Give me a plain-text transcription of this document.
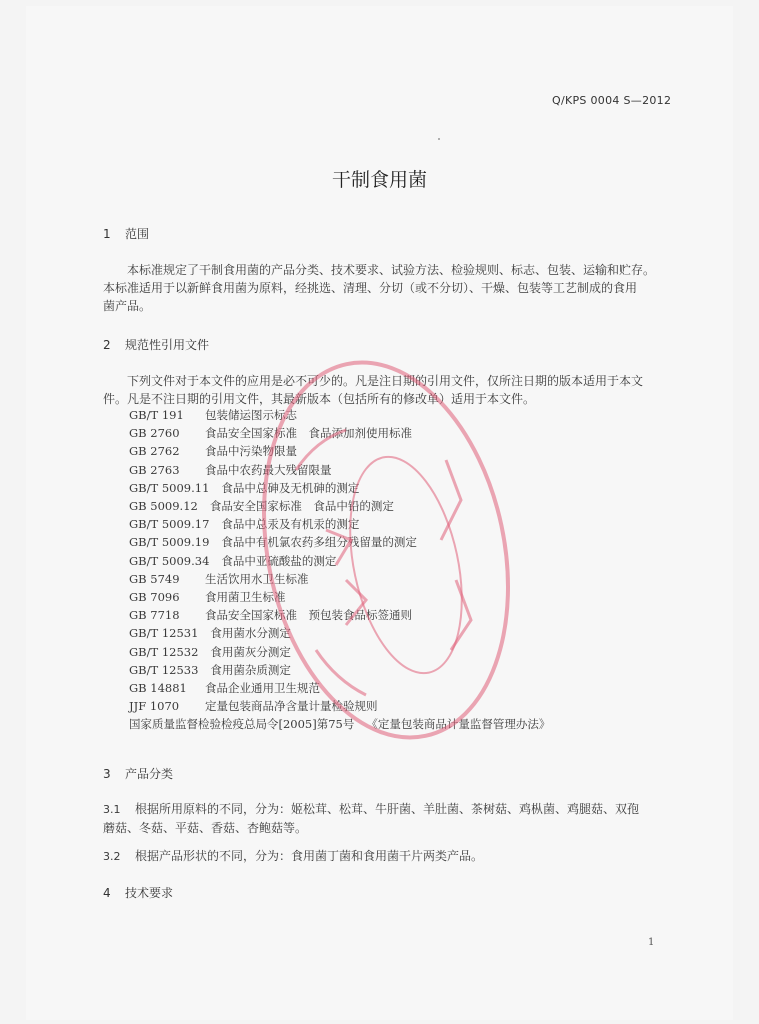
Q/KPS 0004 S—2012
干制食用菌
1 范围
本标准规定了干制食用菌的产品分类、技术要求、试验方法、检验规则、标志、包装、运输和贮存。
本标准适用于以新鲜食用菌为原料，经挑选、清理、分切（或不分切）、干燥、包装等工艺制成的食用
菌产品。
2 规范性引用文件
下列文件对于本文件的应用是必不可少的。凡是注日期的引用文件，仅所注日期的版本适用于本文
件。凡是不注日期的引用文件，其最新版本（包括所有的修改单）适用于本文件。
GB/T 191 包装储运图示标志
GB 2760 食品安全国家标准　食品添加剂使用标准
GB 2762 食品中污染物限量
GB 2763 食品中农药最大残留限量
GB/T 5009.11 食品中总砷及无机砷的测定
GB 5009.12 食品安全国家标准　食品中铅的测定
GB/T 5009.17 食品中总汞及有机汞的测定
GB/T 5009.19 食品中有机氯农药多组分残留量的测定
GB/T 5009.34 食品中亚硫酸盐的测定
GB 5749 生活饮用水卫生标准
GB 7096 食用菌卫生标准
GB 7718 食品安全国家标准　预包装食品标签通则
GB/T 12531 食用菌水分测定
GB/T 12532 食用菌灰分测定
GB/T 12533 食用菌杂质测定
GB 14881 食品企业通用卫生规范
JJF 1070 定量包装商品净含量计量检验规则
国家质量监督检验检疫总局令[2005]第75号 《定量包装商品计量监督管理办法》
3 产品分类
3.1 根据所用原料的不同，分为：姬松茸、松茸、牛肝菌、羊肚菌、茶树菇、鸡枞菌、鸡腿菇、双孢
蘑菇、冬菇、平菇、香菇、杏鲍菇等。
3.2 根据产品形状的不同，分为：食用菌丁菌和食用菌干片两类产品。
4 技术要求
1
